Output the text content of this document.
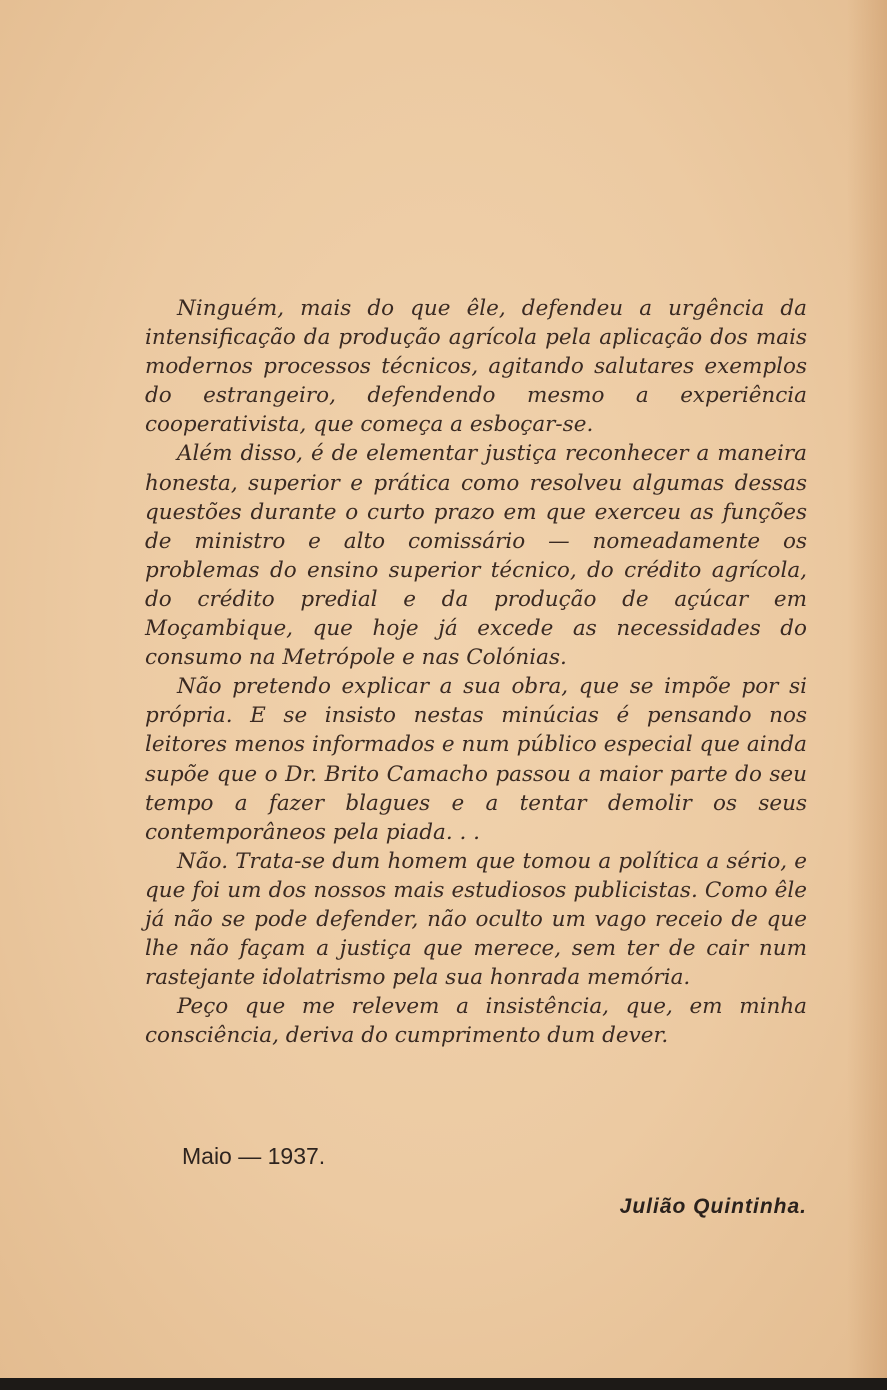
Ninguém, mais do que êle, defendeu a urgência da intensificação da produção agrícola pela aplicação dos mais modernos processos técnicos, agitando salutares exemplos do estrangeiro, defendendo mesmo a experiência cooperativista, que começa a esboçar-se.

Além disso, é de elementar justiça reconhecer a maneira honesta, superior e prática como resolveu algumas dessas questões durante o curto prazo em que exerceu as funções de ministro e alto comissário — nomeadamente os problemas do ensino superior técnico, do crédito agrícola, do crédito predial e da produção de açúcar em Moçambique, que hoje já excede as necessidades do consumo na Metrópole e nas Colónias.

Não pretendo explicar a sua obra, que se impõe por si própria. E se insisto nestas minúcias é pensando nos leitores menos informados e num público especial que ainda supõe que o Dr. Brito Camacho passou a maior parte do seu tempo a fazer blagues e a tentar demolir os seus contemporâneos pela piada. . .

Não. Trata-se dum homem que tomou a política a sério, e que foi um dos nossos mais estudiosos publicistas. Como êle já não se pode defender, não oculto um vago receio de que lhe não façam a justiça que merece, sem ter de cair num rastejante idolatrismo pela sua honrada memória.

Peço que me relevem a insistência, que, em minha consciência, deriva do cumprimento dum dever.

Maio — 1937.
Julião Quintinha.
